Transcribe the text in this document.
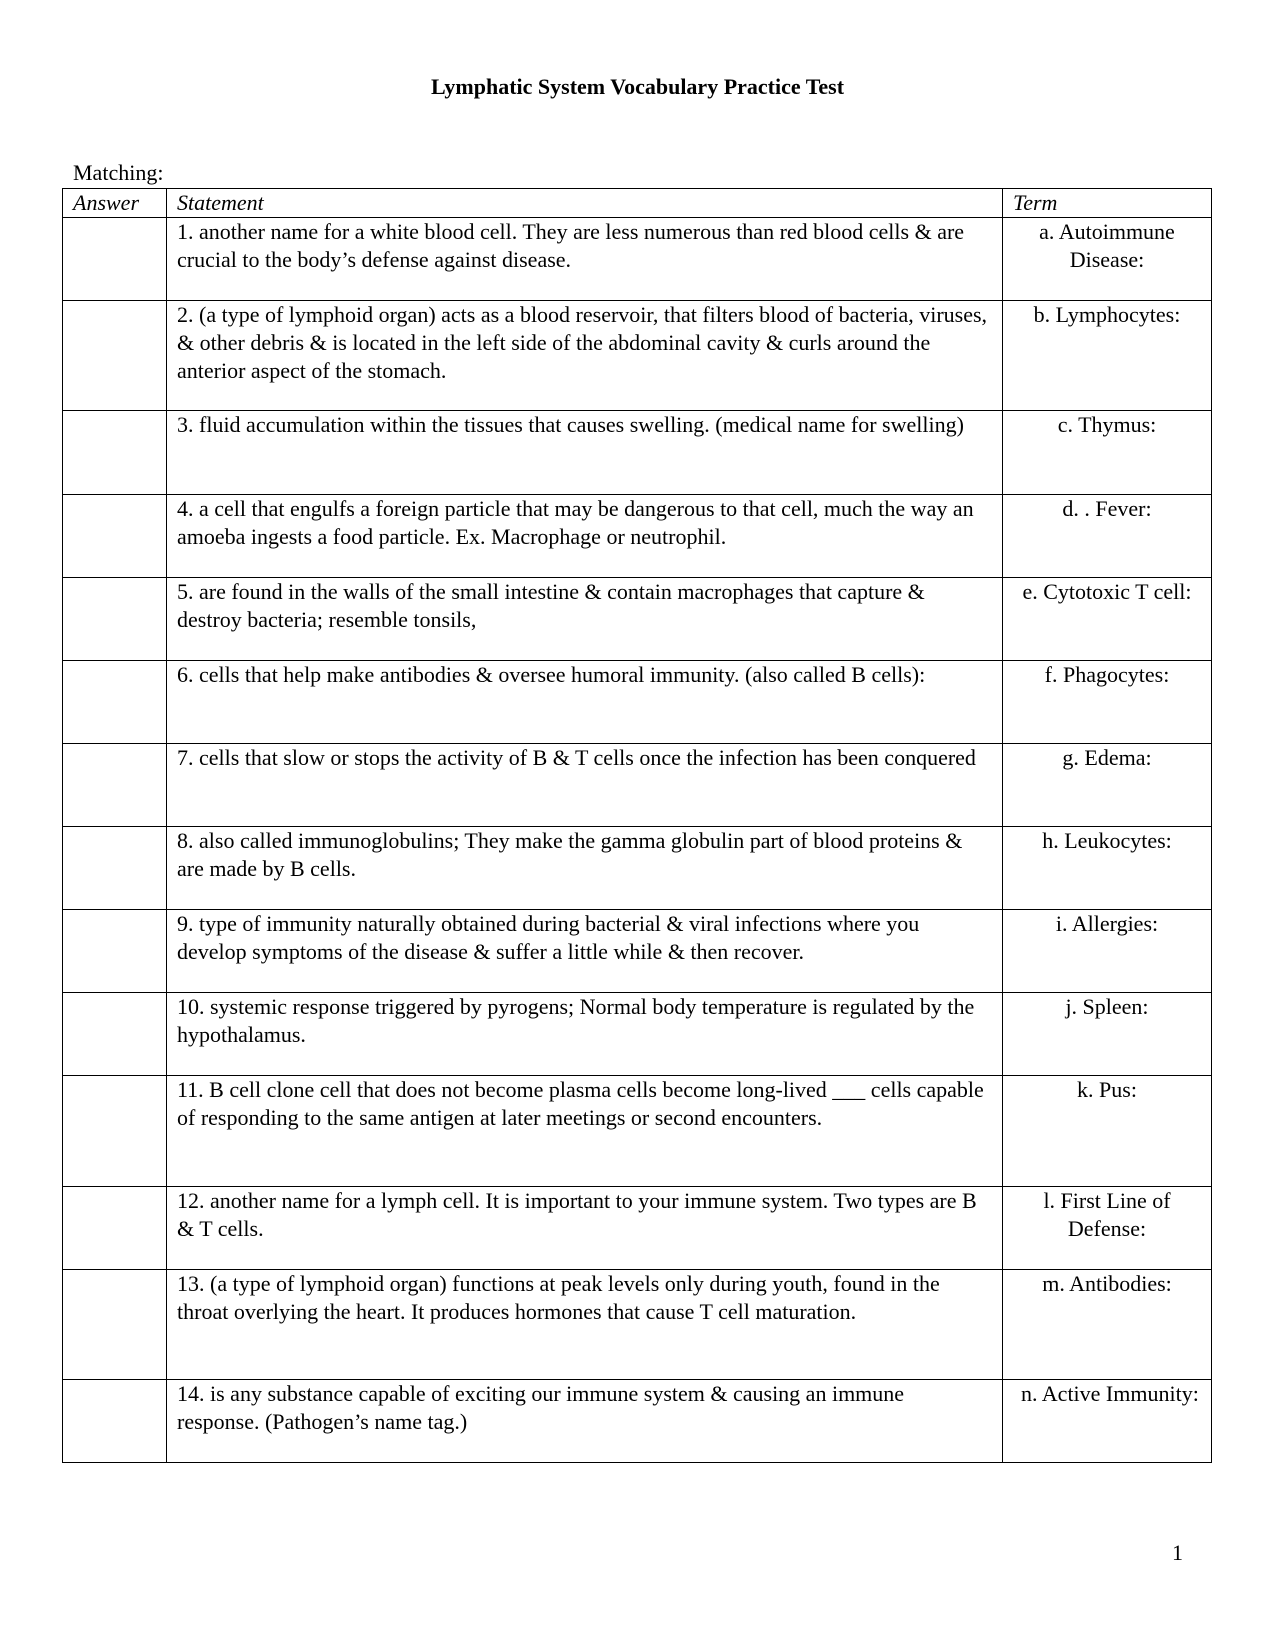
Lymphatic System Vocabulary Practice Test
Matching:
Answer	Statement	Term
	1. another name for a white blood cell. They are less numerous than red blood cells & are crucial to the body’s defense against disease.	a. Autoimmune Disease:
	2. (a type of lymphoid organ) acts as a blood reservoir, that filters blood of bacteria, viruses, & other debris & is located in the left side of the abdominal cavity & curls around the anterior aspect of the stomach.	b. Lymphocytes:
	3. fluid accumulation within the tissues that causes swelling. (medical name for swelling)	c. Thymus:
	4. a cell that engulfs a foreign particle that may be dangerous to that cell, much the way an amoeba ingests a food particle. Ex. Macrophage or neutrophil.	d. . Fever:
	5. are found in the walls of the small intestine & contain macrophages that capture & destroy bacteria; resemble tonsils,	e. Cytotoxic T cell:
	6. cells that help make antibodies & oversee humoral immunity. (also called B cells):	f. Phagocytes:
	7. cells that slow or stops the activity of B & T cells once the infection has been conquered	g. Edema:
	8. also called immunoglobulins; They make the gamma globulin part of blood proteins & are made by B cells.	h. Leukocytes:
	9. type of immunity naturally obtained during bacterial & viral infections where you develop symptoms of the disease & suffer a little while & then recover.	i. Allergies:
	10. systemic response triggered by pyrogens; Normal body temperature is regulated by the hypothalamus.	j. Spleen:
	11. B cell clone cell that does not become plasma cells become long-lived ___ cells capable of responding to the same antigen at later meetings or second encounters.	k. Pus:
	12. another name for a lymph cell. It is important to your immune system. Two types are B & T cells.	l. First Line of Defense:
	13. (a type of lymphoid organ) functions at peak levels only during youth, found in the throat overlying the heart. It produces hormones that cause T cell maturation.	m. Antibodies:
	14. is any substance capable of exciting our immune system & causing an immune response. (Pathogen’s name tag.)	n. Active Immunity:
1
